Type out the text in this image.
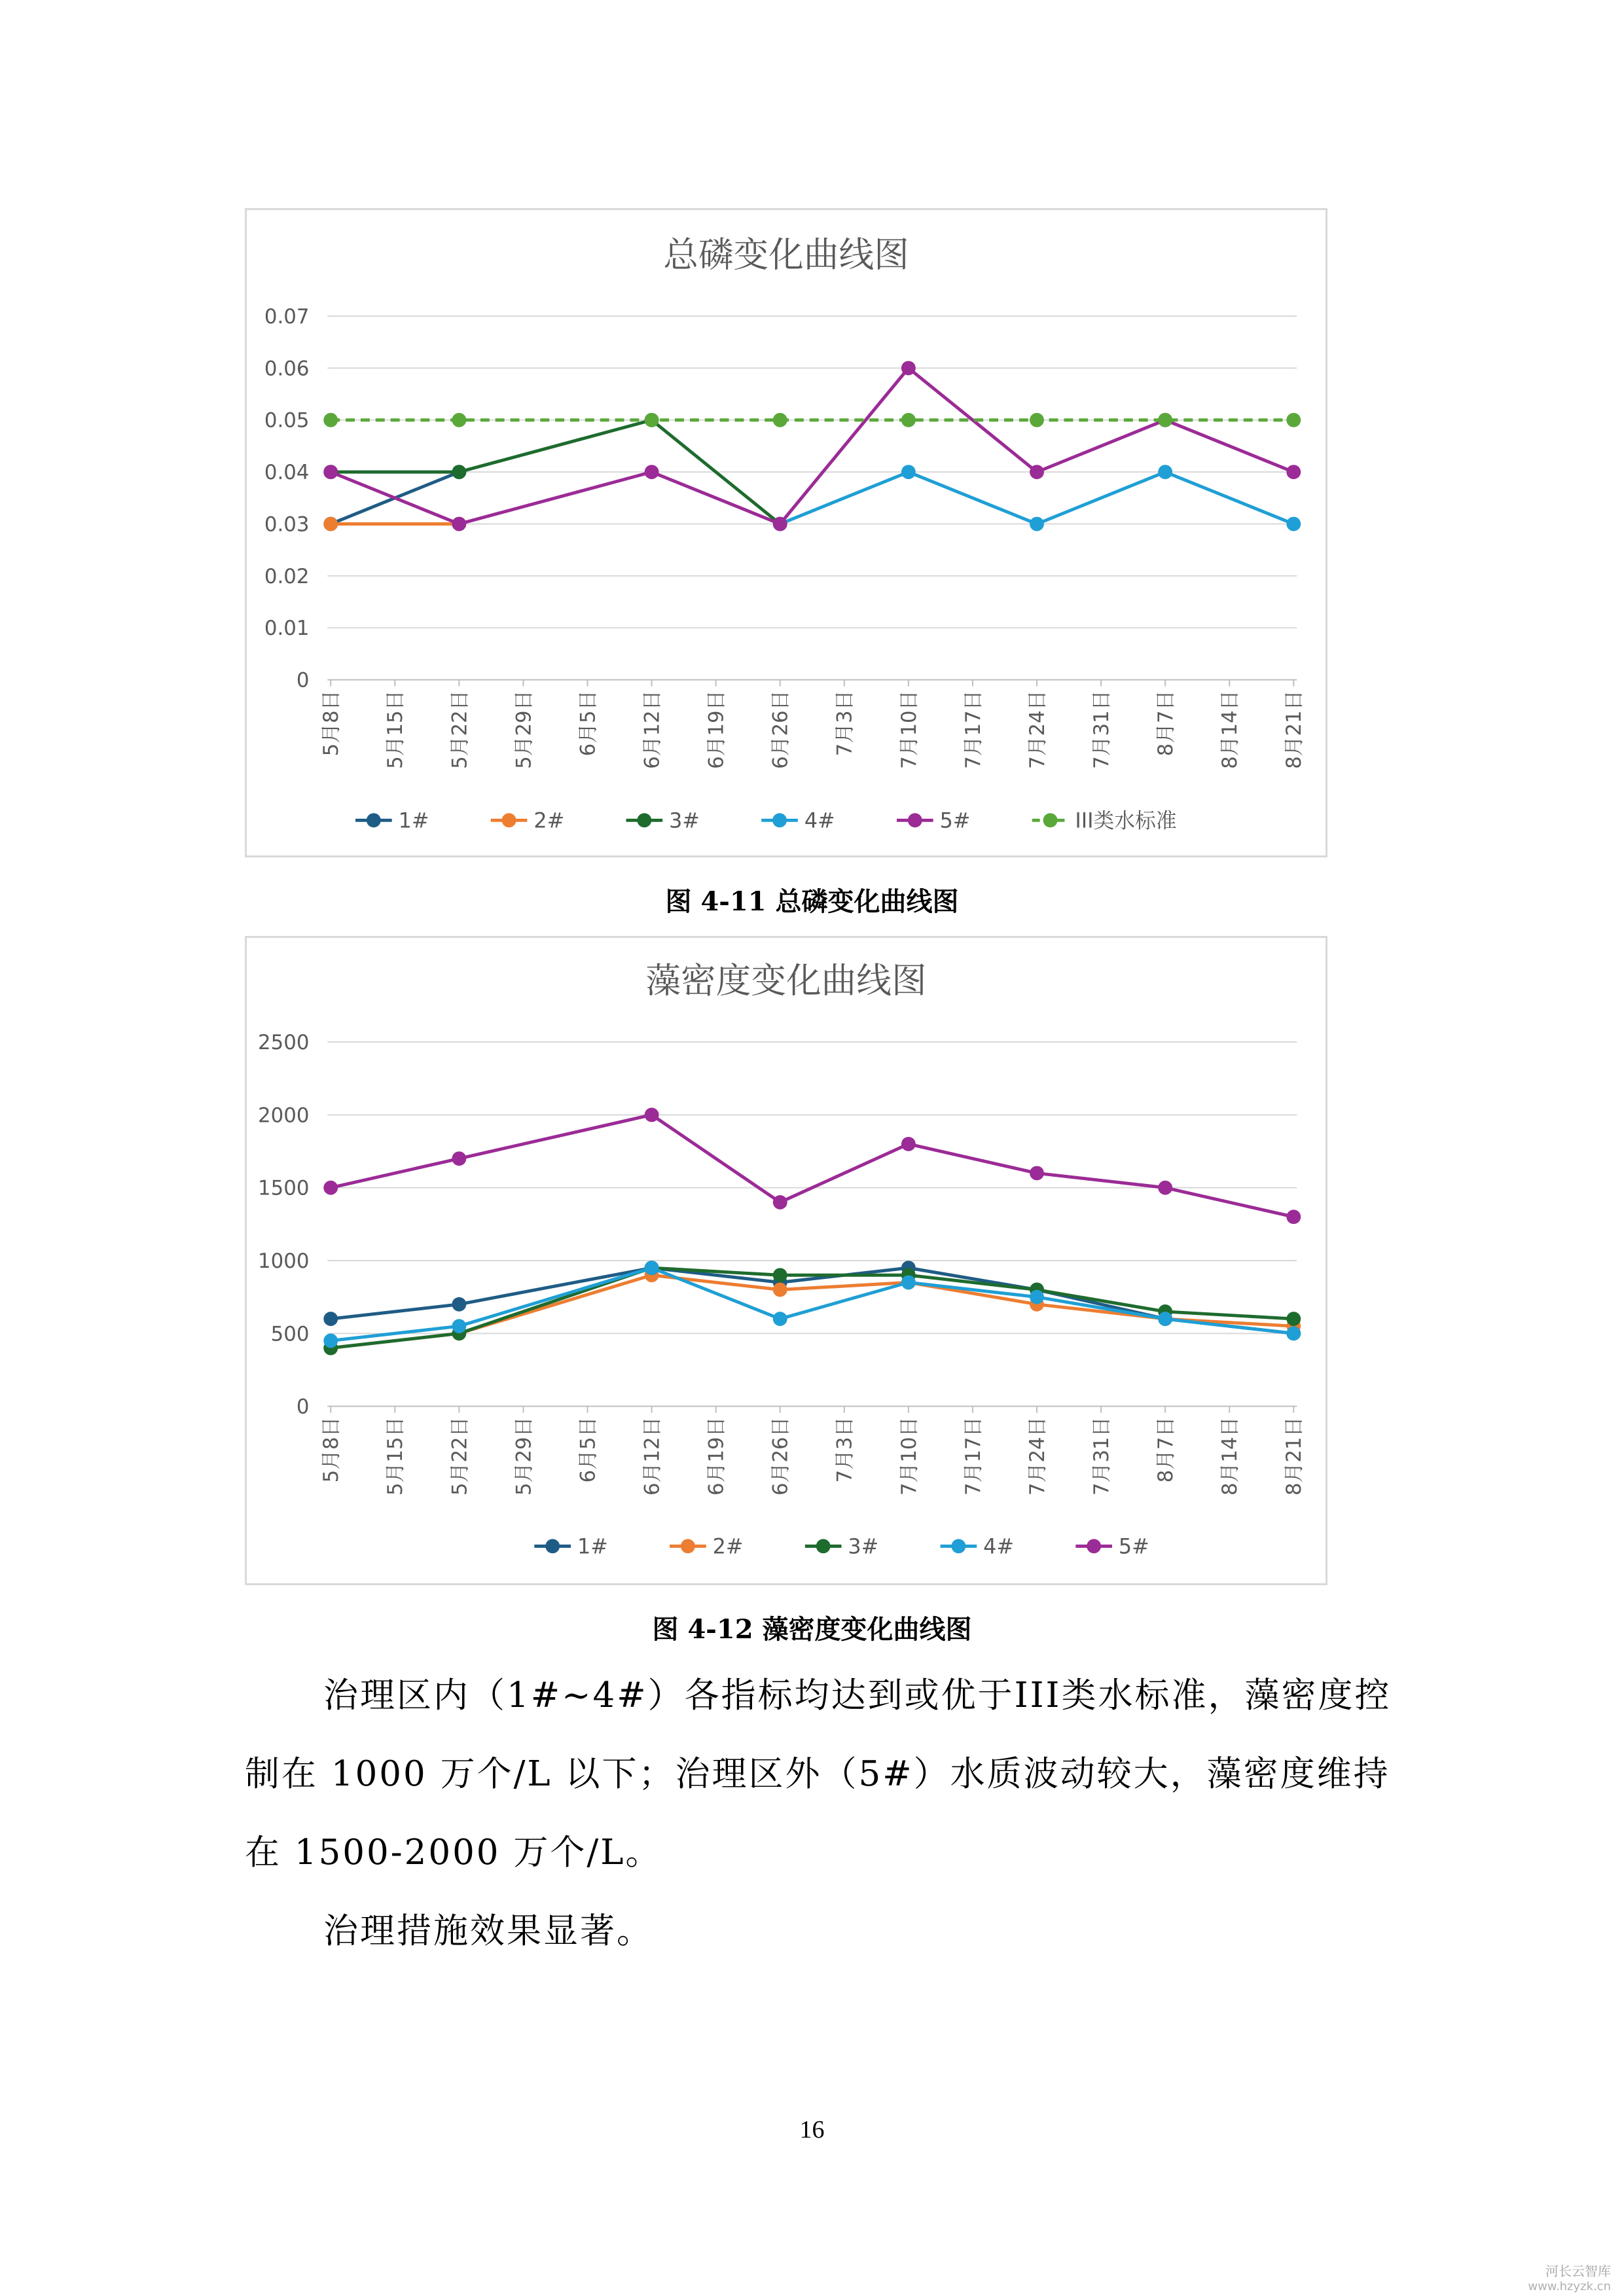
总磷变化曲线图
0
0.01
0.02
0.03
0.04
0.05
0.06
0.07
5月8日 5月15日 5月22日 5月29日 6月5日 6月12日 6月19日 6月26日 7月3日 7月10日 7月17日 7月24日 7月31日 8月7日 8月14日 8月21日
1#	2#	3#	4#	5#	III类水标准
图 4-11 总磷变化曲线图
藻密度变化曲线图
0
500
1000
1500
2000
2500
5月8日 5月15日 5月22日 5月29日 6月5日 6月12日 6月19日 6月26日 7月3日 7月10日 7月17日 7月24日 7月31日 8月7日 8月14日 8月21日
1#	2#	3#	4#	5#
图 4-12 藻密度变化曲线图
治理区内（1#~4#）各指标均达到或优于III类水标准，藻密度控
制在 1000 万个/L 以下；治理区外（5#）水质波动较大，藻密度维持
在 1500-2000 万个/L。
治理措施效果显著。
16
河长云智库
www.hzyzk.cn
